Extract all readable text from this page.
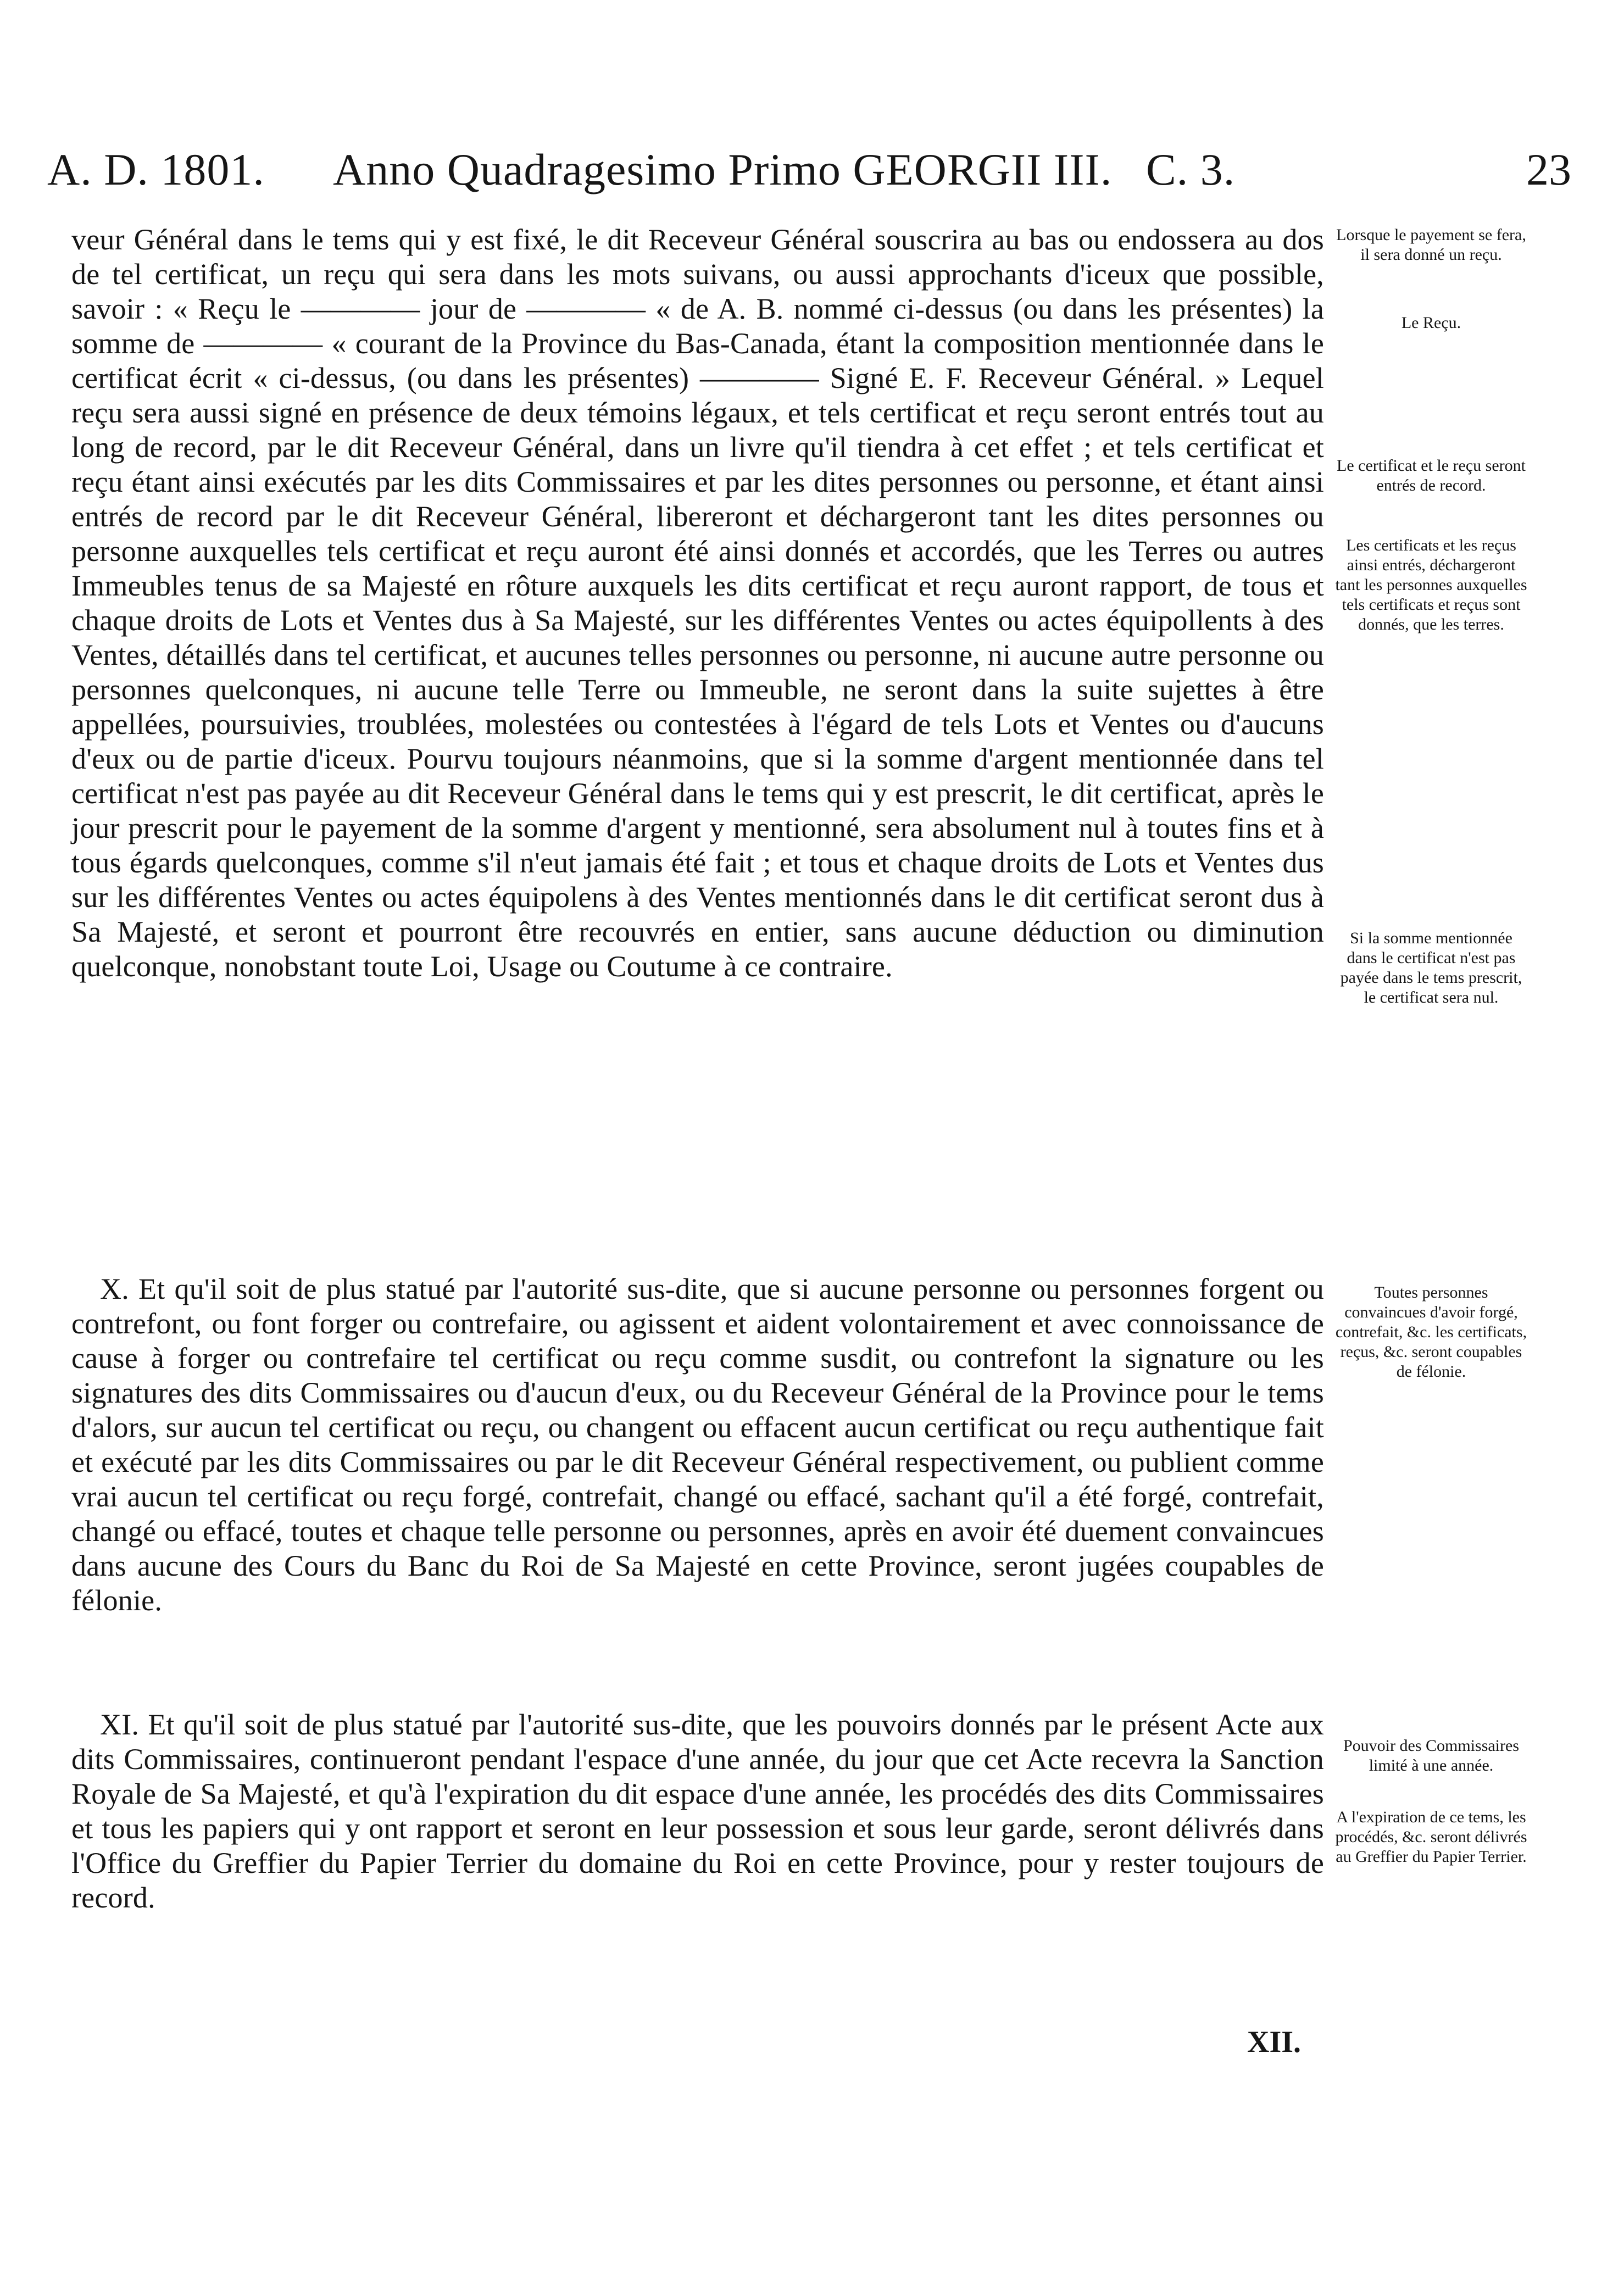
A. D. 1801. Anno Quadragesimo Primo GEORGII III. C. 3.	23

veur Général dans le tems qui y est fixé, le dit Receveur Général souscrira au bas ou endossera au dos de tel certificat, un reçu qui sera dans les mots suivans, ou aussi approchants d'iceux que possible, savoir : « Reçu le ———— jour de ———— « de A. B. nommé ci-dessus (ou dans les présentes) la somme de ———— « courant de la Province du Bas-Canada, étant la composition mentionnée dans le certificat écrit « ci-dessus, (ou dans les présentes) ———— Signé E. F. Receveur Général. » Lequel reçu sera aussi signé en présence de deux témoins légaux, et tels certificat et reçu seront entrés tout au long de record, par le dit Receveur Général, dans un livre qu'il tiendra à cet effet ; et tels certificat et reçu étant ainsi exécutés par les dits Commissaires et par les dites personnes ou personne, et étant ainsi entrés de record par le dit Receveur Général, libereront et déchargeront tant les dites personnes ou personne auxquelles tels certificat et reçu auront été ainsi donnés et accordés, que les Terres ou autres Immeubles tenus de sa Majesté en rôture auxquels les dits certificat et reçu auront rapport, de tous et chaque droits de Lots et Ventes dus à Sa Majesté, sur les différentes Ventes ou actes équipollents à des Ventes, détaillés dans tel certificat, et aucunes telles personnes ou personne, ni aucune autre personne ou personnes quelconques, ni aucune telle Terre ou Immeuble, ne seront dans la suite sujettes à être appellées, poursuivies, troublées, molestées ou contestées à l'égard de tels Lots et Ventes ou d'aucuns d'eux ou de partie d'iceux. Pourvu toujours néanmoins, que si la somme d'argent mentionnée dans tel certificat n'est pas payée au dit Receveur Général dans le tems qui y est prescrit, le dit certificat, après le jour prescrit pour le payement de la somme d'argent y mentionné, sera absolument nul à toutes fins et à tous égards quelconques, comme s'il n'eut jamais été fait ; et tous et chaque droits de Lots et Ventes dus sur les différentes Ventes ou actes équipolens à des Ventes mentionnés dans le dit certificat seront dus à Sa Majesté, et seront et pourront être recouvrés en entier, sans aucune déduction ou diminution quelconque, nonobstant toute Loi, Usage ou Coutume à ce contraire.

X. Et qu'il soit de plus statué par l'autorité sus-dite, que si aucune personne ou personnes forgent ou contrefont, ou font forger ou contrefaire, ou agissent et aident volontairement et avec connoissance de cause à forger ou contrefaire tel certificat ou reçu comme susdit, ou contrefont la signature ou les signatures des dits Commissaires ou d'aucun d'eux, ou du Receveur Général de la Province pour le tems d'alors, sur aucun tel certificat ou reçu, ou changent ou effacent aucun certificat ou reçu authentique fait et exécuté par les dits Commissaires ou par le dit Receveur Général respectivement, ou publient comme vrai aucun tel certificat ou reçu forgé, contrefait, changé ou effacé, sachant qu'il a été forgé, contrefait, changé ou effacé, toutes et chaque telle personne ou personnes, après en avoir été duement convaincues dans aucune des Cours du Banc du Roi de Sa Majesté en cette Province, seront jugées coupables de félonie.

XI. Et qu'il soit de plus statué par l'autorité sus-dite, que les pouvoirs donnés par le présent Acte aux dits Commissaires, continueront pendant l'espace d'une année, du jour que cet Acte recevra la Sanction Royale de Sa Majesté, et qu'à l'expiration du dit espace d'une année, les procédés des dits Commissaires et tous les papiers qui y ont rapport et seront en leur possession et sous leur garde, seront délivrés dans l'Office du Greffier du Papier Terrier du domaine du Roi en cette Province, pour y rester toujours de record.

Lorsque le payement se fera, il sera donné un reçu.
Le Reçu.
Le certificat et le reçu seront entrés de record.
Les certificats et les reçus ainsi entrés, déchargeront tant les personnes auxquelles tels certificats et reçus sont donnés, que les terres.
Si la somme mentionnée dans le certificat n'est pas payée dans le tems prescrit, le certificat sera nul.
Toutes personnes convaincues d'avoir forgé, contrefait, &c. les certificats, reçus, &c. seront coupables de félonie.
Pouvoir des Commissaires limité à une année.
A l'expiration de ce tems, les procédés, &c. seront délivrés au Greffier du Papier Terrier.
XII.
